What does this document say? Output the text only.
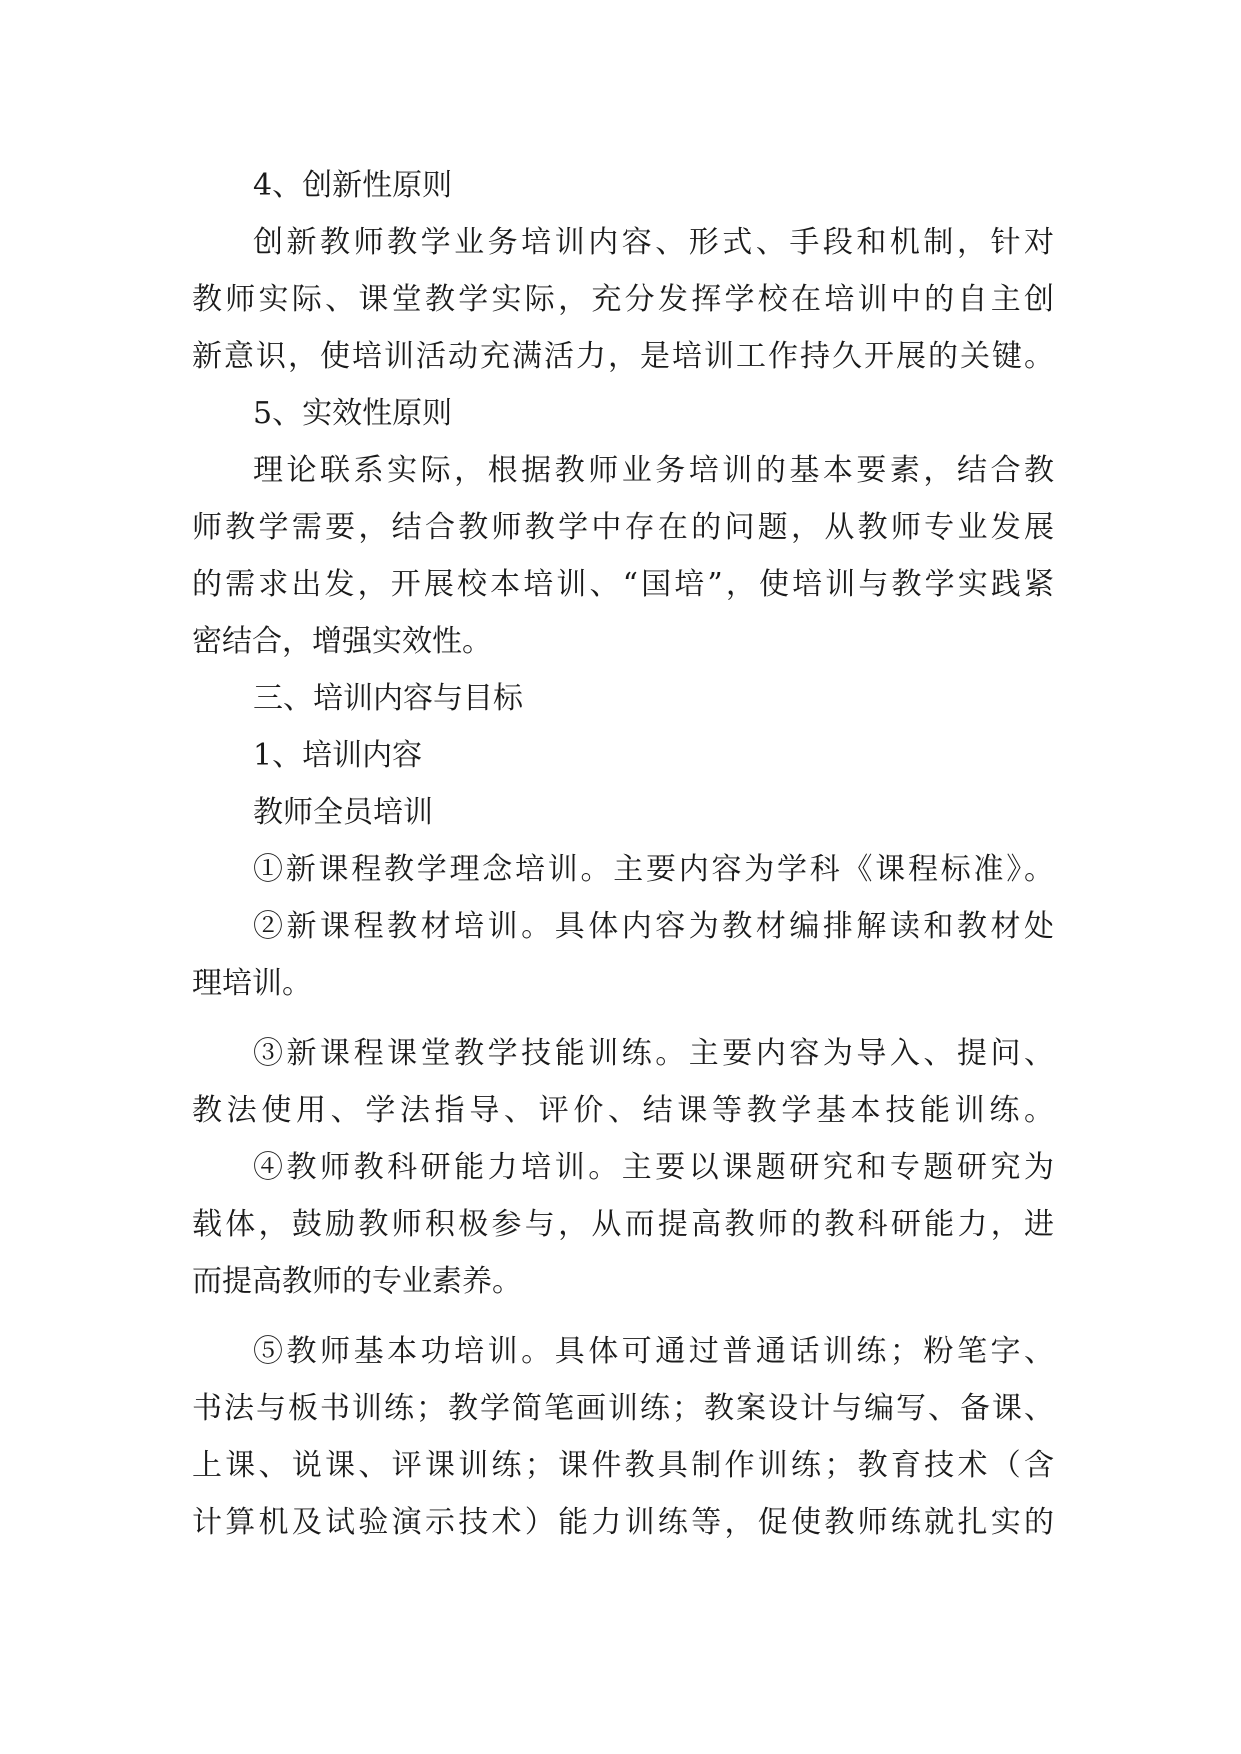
4、创新性原则
创新教师教学业务培训内容、形式、手段和机制，针对
教师实际、课堂教学实际，充分发挥学校在培训中的自主创
新意识，使培训活动充满活力，是培训工作持久开展的关键。
5、实效性原则
理论联系实际，根据教师业务培训的基本要素，结合教
师教学需要，结合教师教学中存在的问题，从教师专业发展
的需求出发，开展校本培训、“国培”，使培训与教学实践紧
密结合，增强实效性。
三、培训内容与目标
1、培训内容
教师全员培训
①新课程教学理念培训。主要内容为学科《课程标准》。
②新课程教材培训。具体内容为教材编排解读和教材处
理培训。
③新课程课堂教学技能训练。主要内容为导入、提问、
教法使用、学法指导、评价、结课等教学基本技能训练。
④教师教科研能力培训。主要以课题研究和专题研究为
载体，鼓励教师积极参与，从而提高教师的教科研能力，进
而提高教师的专业素养。
⑤教师基本功培训。具体可通过普通话训练；粉笔字、
书法与板书训练；教学简笔画训练；教案设计与编写、备课、
上课、说课、评课训练；课件教具制作训练；教育技术（含
计算机及试验演示技术）能力训练等，促使教师练就扎实的
